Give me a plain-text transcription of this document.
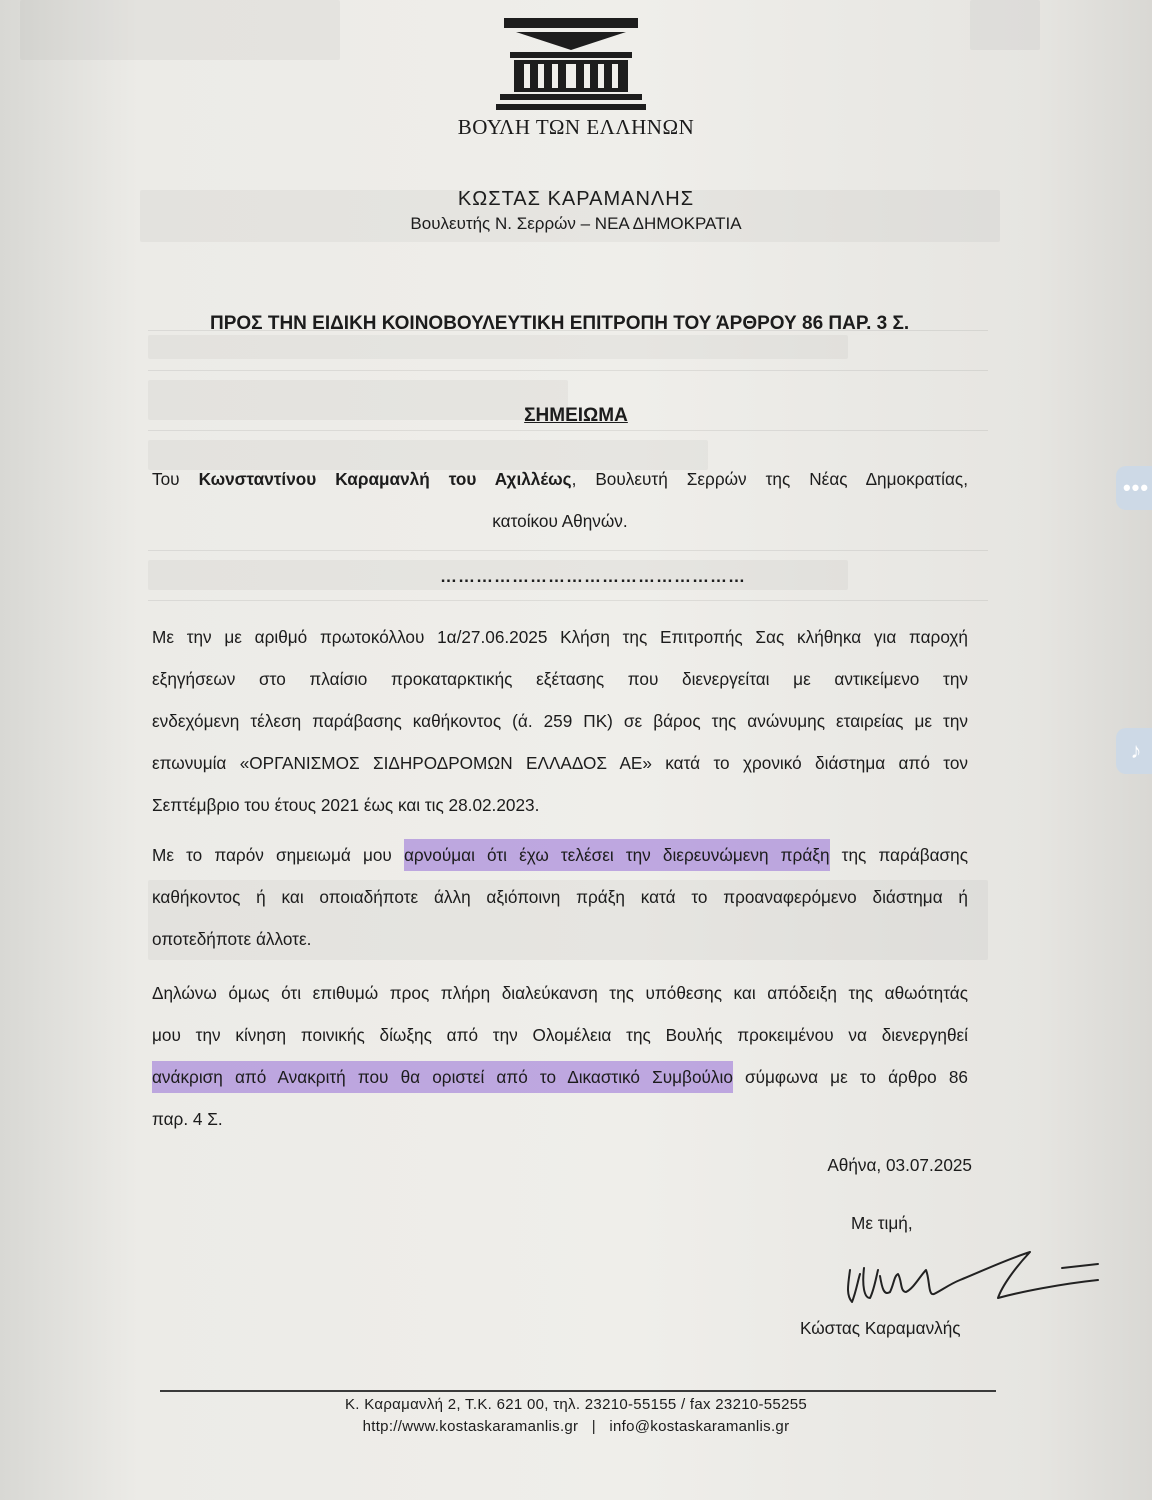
ΒΟΥΛΗ ΤΩΝ ΕΛΛΗΝΩΝ
ΚΩΣΤΑΣ ΚΑΡΑΜΑΝΛΗΣ
Βουλευτής Ν. Σερρών – ΝΕΑ ΔΗΜΟΚΡΑΤΙΑ
ΠΡΟΣ ΤΗΝ ΕΙΔΙΚΗ ΚΟΙΝΟΒΟΥΛΕΥΤΙΚΗ ΕΠΙΤΡΟΠΗ ΤΟΥ ΆΡΘΡΟΥ 86 ΠΑΡ. 3 Σ.
ΣΗΜΕΙΩΜΑ
Του Κωνσταντίνου Καραμανλή του Αχιλλέως, Βουλευτή Σερρών της Νέας Δημοκρατίας,
κατοίκου Αθηνών.
……………………………………………
Με την με αριθμό πρωτοκόλλου 1α/27.06.2025 Κλήση της Επιτροπής Σας κλήθηκα για παροχή
εξηγήσεων στο πλαίσιο προκαταρκτικής εξέτασης που διενεργείται με αντικείμενο την
ενδεχόμενη τέλεση παράβασης καθήκοντος (ά. 259 ΠΚ) σε βάρος της ανώνυμης εταιρείας με την
επωνυμία «ΟΡΓΑΝΙΣΜΟΣ ΣΙΔΗΡΟΔΡΟΜΩΝ ΕΛΛΑΔΟΣ ΑΕ» κατά το χρονικό διάστημα από τον
Σεπτέμβριο του έτους 2021 έως και τις 28.02.2023.
Με το παρόν σημειωμά μου αρνούμαι ότι έχω τελέσει την διερευνώμενη πράξη της παράβασης
καθήκοντος ή και οποιαδήποτε άλλη αξιόποινη πράξη κατά το προαναφερόμενο διάστημα ή
οποτεδήποτε άλλοτε.
Δηλώνω όμως ότι επιθυμώ προς πλήρη διαλεύκανση της υπόθεσης και απόδειξη της αθωότητάς
μου την κίνηση ποινικής δίωξης από την Ολομέλεια της Βουλής προκειμένου να διενεργηθεί
ανάκριση από Ανακριτή που θα οριστεί από το Δικαστικό Συμβούλιο σύμφωνα με το άρθρο 86
παρ. 4 Σ.
Αθήνα, 03.07.2025
Με τιμή,
Κώστας Καραμανλής
Κ. Καραμανλή 2, Τ.Κ. 621 00, τηλ. 23210-55155 / fax 23210-55255
http://www.kostaskaramanlis.gr | info@kostaskaramanlis.gr
•••
♪
